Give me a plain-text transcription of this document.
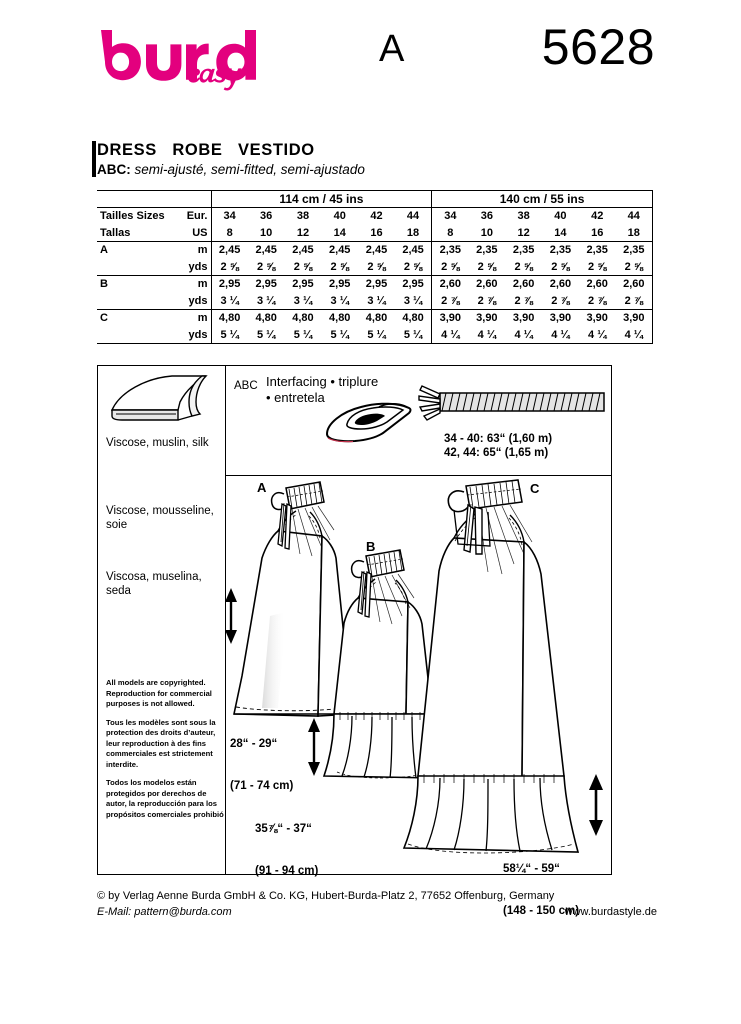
A	5628
DRESS   ROBE   VESTIDO
ABC: semi-ajusté, semi-fitted, semi-ajustado
		114 cm / 45 ins						140 cm / 55 ins					
Tailles Sizes	Eur.	34	36	38	40	42	44	34	36	38	40	42	44
Tallas	US	8	10	12	14	16	18	8	10	12	14	16	18
A	m	2,45	2,45	2,45	2,45	2,45	2,45	2,35	2,35	2,35	2,35	2,35	2,35
	yds	2 ⅝	2 ⅝	2 ⅝	2 ⅝	2 ⅝	2 ⅝	2 ⅝	2 ⅝	2 ⅝	2 ⅝	2 ⅝	2 ⅝
B	m	2,95	2,95	2,95	2,95	2,95	2,95	2,60	2,60	2,60	2,60	2,60	2,60
	yds	3 ¼	3 ¼	3 ¼	3 ¼	3 ¼	3 ¼	2 ⅞	2 ⅞	2 ⅞	2 ⅞	2 ⅞	2 ⅞
C	m	4,80	4,80	4,80	4,80	4,80	4,80	3,90	3,90	3,90	3,90	3,90	3,90
	yds	5 ¼	5 ¼	5 ¼	5 ¼	5 ¼	5 ¼	4 ¼	4 ¼	4 ¼	4 ¼	4 ¼	4 ¼
Viscose, muslin, silk
Viscose, mousseline, soie
Viscosa, muselina, seda

All models are copyrighted. Reproduction for commercial purposes is not allowed.

Tous les modèles sont sous la protection des droits d’auteur, leur reproduction à des fins commerciales est strictement interdite.

Todos los modelos están protegidos por derechos de autor, la reproducción para los propósitos comerciales prohibió

ABC Interfacing • triplure
• entretela
34 - 40: 63“ (1,60 m)
42, 44: 65“ (1,65 m)
A
B
C

28“ - 29“

(71 - 74 cm)

35⅞“ - 37“

(91 - 94 cm)

	58¼“ - 59“

(148 - 150 cm)

© by Verlag Aenne Burda GmbH & Co. KG, Hubert-Burda-Platz 2, 77652 Offenburg, Germany
E-Mail: pattern@burda.com	www.burdastyle.de
